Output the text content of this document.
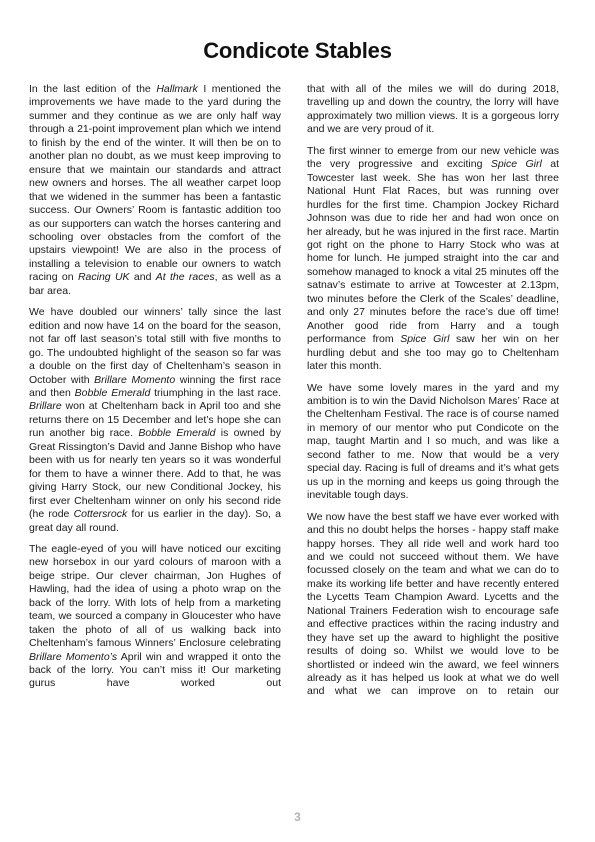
Condicote Stables

In the last edition of the Hallmark I mentioned the improvements we have made to the yard during the summer and they continue as we are only half way through a 21-point improvement plan which we intend to finish by the end of the winter. It will then be on to another plan no doubt, as we must keep improving to ensure that we maintain our standards and attract new owners and horses. The all weather carpet loop that we widened in the summer has been a fantastic success. Our Owners’ Room is fantastic addition too as our supporters can watch the horses cantering and schooling over obstacles from the comfort of the upstairs viewpoint! We are also in the process of installing a television to enable our owners to watch racing on Racing UK and At the races, as well as a bar area.

We have doubled our winners’ tally since the last edition and now have 14 on the board for the season, not far off last season’s total still with five months to go. The undoubted highlight of the season so far was a double on the first day of Cheltenham’s season in October with Brillare Momento winning the first race and then Bobble Emerald triumphing in the last race. Brillare won at Cheltenham back in April too and she returns there on 15 December and let’s hope she can run another big race. Bobble Emerald is owned by Great Rissington’s David and Janne Bishop who have been with us for nearly ten years so it was wonderful for them to have a winner there. Add to that, he was giving Harry Stock, our new Conditional Jockey, his first ever Cheltenham winner on only his second ride (he rode Cottersrock for us earlier in the day). So, a great day all round.

The eagle-eyed of you will have noticed our exciting new horsebox in our yard colours of maroon with a beige stripe. Our clever chairman, Jon Hughes of Hawling, had the idea of using a photo wrap on the back of the lorry. With lots of help from a marketing team, we sourced a company in Gloucester who have taken the photo of all of us walking back into Cheltenham’s famous Winners’ Enclosure celebrating Brillare Momento’s April win and wrapped it onto the back of the lorry. You can’t miss it! Our marketing gurus have worked out

that with all of the miles we will do during 2018, travelling up and down the country, the lorry will have approximately two million views. It is a gorgeous lorry and we are very proud of it.

The first winner to emerge from our new vehicle was the very progressive and exciting Spice Girl at Towcester last week. She has won her last three National Hunt Flat Races, but was running over hurdles for the first time. Champion Jockey Richard Johnson was due to ride her and had won once on her already, but he was injured in the first race. Martin got right on the phone to Harry Stock who was at home for lunch. He jumped straight into the car and somehow managed to knock a vital 25 minutes off the satnav’s estimate to arrive at Towcester at 2.13pm, two minutes before the Clerk of the Scales’ deadline, and only 27 minutes before the race’s due off time! Another good ride from Harry and a tough performance from Spice Girl saw her win on her hurdling debut and she too may go to Cheltenham later this month.

We have some lovely mares in the yard and my ambition is to win the David Nicholson Mares’ Race at the Cheltenham Festival. The race is of course named in memory of our mentor who put Condicote on the map, taught Martin and I so much, and was like a second father to me. Now that would be a very special day. Racing is full of dreams and it’s what gets us up in the morning and keeps us going through the inevitable tough days.

We now have the best staff we have ever worked with and this no doubt helps the horses - happy staff make happy horses. They all ride well and work hard too and we could not succeed without them. We have focussed closely on the team and what we can do to make its working life better and have recently entered the Lycetts Team Champion Award. Lycetts and the National Trainers Federation wish to encourage safe and effective practices within the racing industry and they have set up the award to highlight the positive results of doing so. Whilst we would love to be shortlisted or indeed win the award, we feel winners already as it has helped us look at what we do well and what we can improve on to retain our

3
